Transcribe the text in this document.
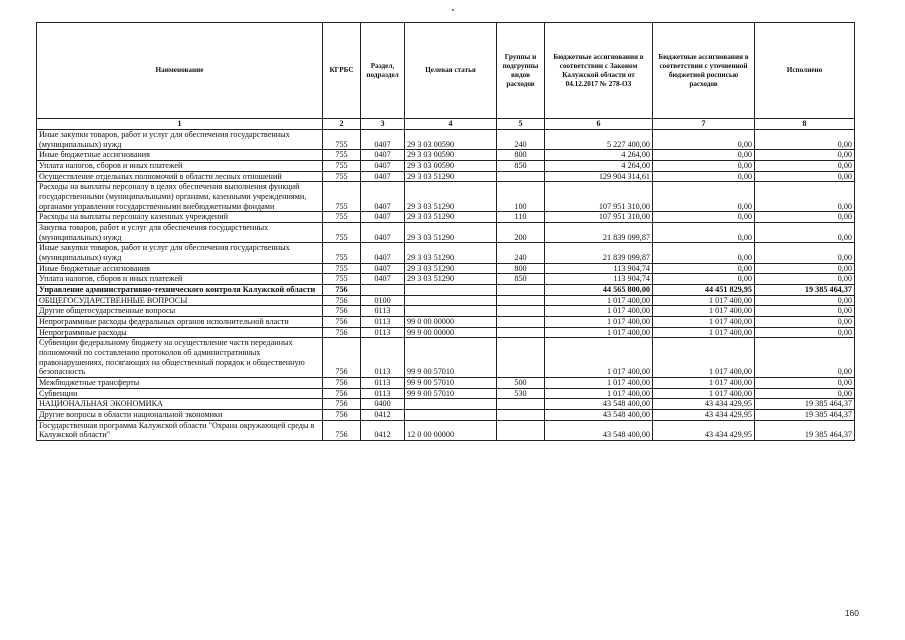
Наименование	КГРБС	Раздел, подраздел	Целевая статья	Группы и подгруппы видов расходов	Бюджетные ассигнования в соответствии с Законом Калужской области от 04.12.2017 № 278-ОЗ	Бюджетные ассигнования в соответствии с уточненной бюджетной росписью расходов	Исполнено
1	2	3	4	5	6	7	8
Иные закупки товаров, работ и услуг для обеспечения государственных (муниципальных) нужд	755	0407	29 3 03 00590	240	5 227 400,00	0,00	0,00
Иные бюджетные ассигнования	755	0407	29 3 03 00590	800	4 264,00	0,00	0,00
Уплата налогов, сборов и иных платежей	755	0407	29 3 03 00590	850	4 264,00	0,00	0,00
Осуществление отдельных полномочий в области лесных отношений	755	0407	29 3 03 51290		129 904 314,61	0,00	0,00
Расходы на выплаты персоналу в целях обеспечения выполнения функций государственными (муниципальными) органами, казенными учреждениями, органами управления государственными внебюджетными фондами	755	0407	29 3 03 51290	100	107 951 310,00	0,00	0,00
Расходы на выплаты персоналу казенных учреждений	755	0407	29 3 03 51290	110	107 951 310,00	0,00	0,00
Закупка товаров, работ и услуг для обеспечения государственных (муниципальных) нужд	755	0407	29 3 03 51290	200	21 839 099,87	0,00	0,00
Иные закупки товаров, работ и услуг для обеспечения государственных (муниципальных) нужд	755	0407	29 3 03 51290	240	21 839 099,87	0,00	0,00
Иные бюджетные ассигнования	755	0407	29 3 03 51290	800	113 904,74	0,00	0,00
Уплата налогов, сборов и иных платежей	755	0407	29 3 03 51290	850	113 904,74	0,00	0,00
Управление административно-технического контроля Калужской области	756				44 565 800,00	44 451 829,95	19 385 464,37
ОБЩЕГОСУДАРСТВЕННЫЕ ВОПРОСЫ	756	0100			1 017 400,00	1 017 400,00	0,00
Другие общегосударственные вопросы	756	0113			1 017 400,00	1 017 400,00	0,00
Непрограммные расходы федеральных органов исполнительной власти	756	0113	99 0 00 00000		1 017 400,00	1 017 400,00	0,00
Непрограммные расходы	756	0113	99 9 00 00000		1 017 400,00	1 017 400,00	0,00
Субвенции федеральному бюджету на осуществление части переданных полномочий по составлению протоколов об административных правонарушениях, посягающих на общественный порядок и общественную безопасность	756	0113	99 9 00 57010		1 017 400,00	1 017 400,00	0,00
Межбюджетные трансферты	756	0113	99 9 00 57010	500	1 017 400,00	1 017 400,00	0,00
Субвенции	756	0113	99 9 00 57010	530	1 017 400,00	1 017 400,00	0,00
НАЦИОНАЛЬНАЯ ЭКОНОМИКА	756	0400			43 548 400,00	43 434 429,95	19 385 464,37
Другие вопросы в области национальной экономики	756	0412			43 548 400,00	43 434 429,95	19 385 464,37
Государственная программа Калужской области "Охрана окружающей среды в Калужской области"	756	0412	12 0 00 00000		43 548 400,00	43 434 429,95	19 385 464,37
160
